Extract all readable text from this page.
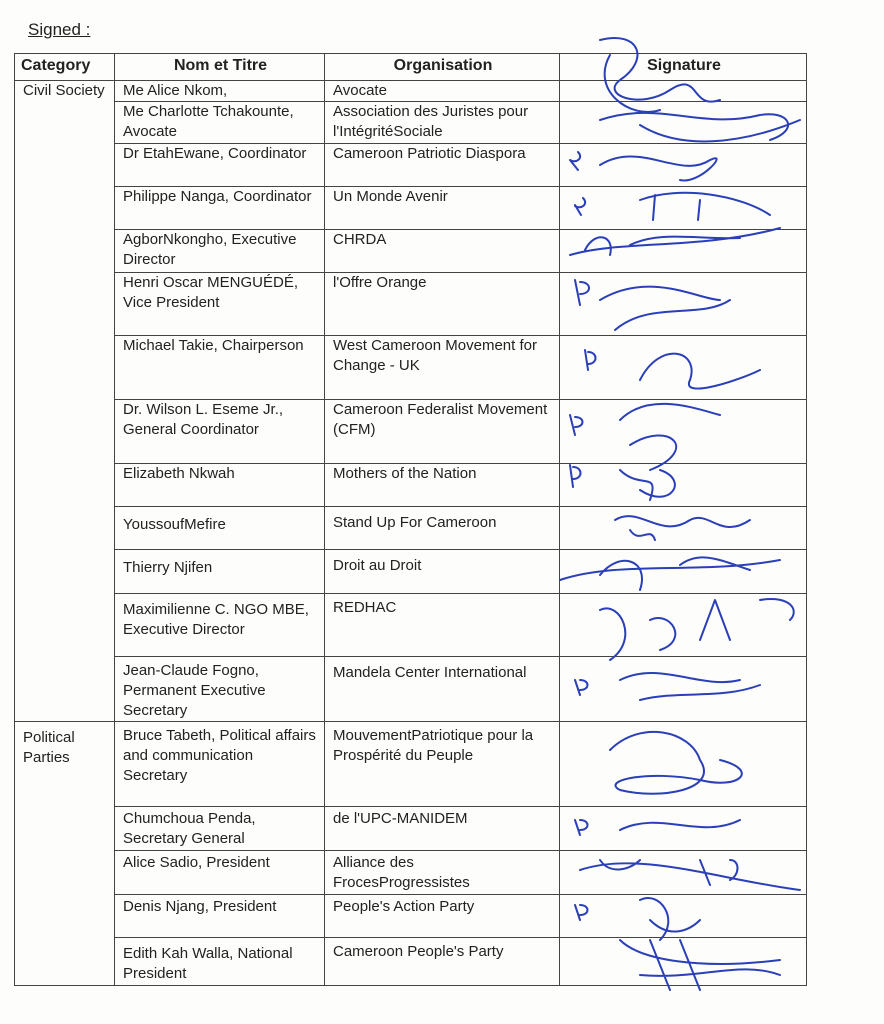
Signed :
Category	Nom et Titre	Organisation	Signature
Civil Society	Me Alice Nkom,	Avocate	
	Me Charlotte Tchakounte, Avocate	Association des Juristes pour l'IntégritéSociale	
	Dr EtahEwane, Coordinator	Cameroon Patriotic Diaspora	
	Philippe Nanga, Coordinator	Un Monde Avenir	
	AgborNkongho, Executive Director	CHRDA	
	Henri Oscar MENGUÉDÉ, Vice President	l'Offre Orange	
	Michael Takie, Chairperson	West Cameroon Movement for Change - UK	
	Dr. Wilson L. Eseme Jr., General Coordinator	Cameroon Federalist Movement (CFM)	
	Elizabeth Nkwah	Mothers of the Nation	
	YoussoufMefire	Stand Up For Cameroon	
	Thierry Njifen	Droit au Droit	
	Maximilienne C. NGO MBE, Executive Director	REDHAC	
	Jean-Claude Fogno, Permanent Executive Secretary	Mandela Center International	
Political Parties	Bruce Tabeth, Political affairs and communication Secretary	MouvementPatriotique pour la Prospérité du Peuple	
	Chumchoua Penda, Secretary General	de l'UPC-MANIDEM	
	Alice Sadio, President	Alliance des FrocesProgressistes	
	Denis Njang, President	People's Action Party	
	Edith Kah Walla, National President	Cameroon People's Party	
